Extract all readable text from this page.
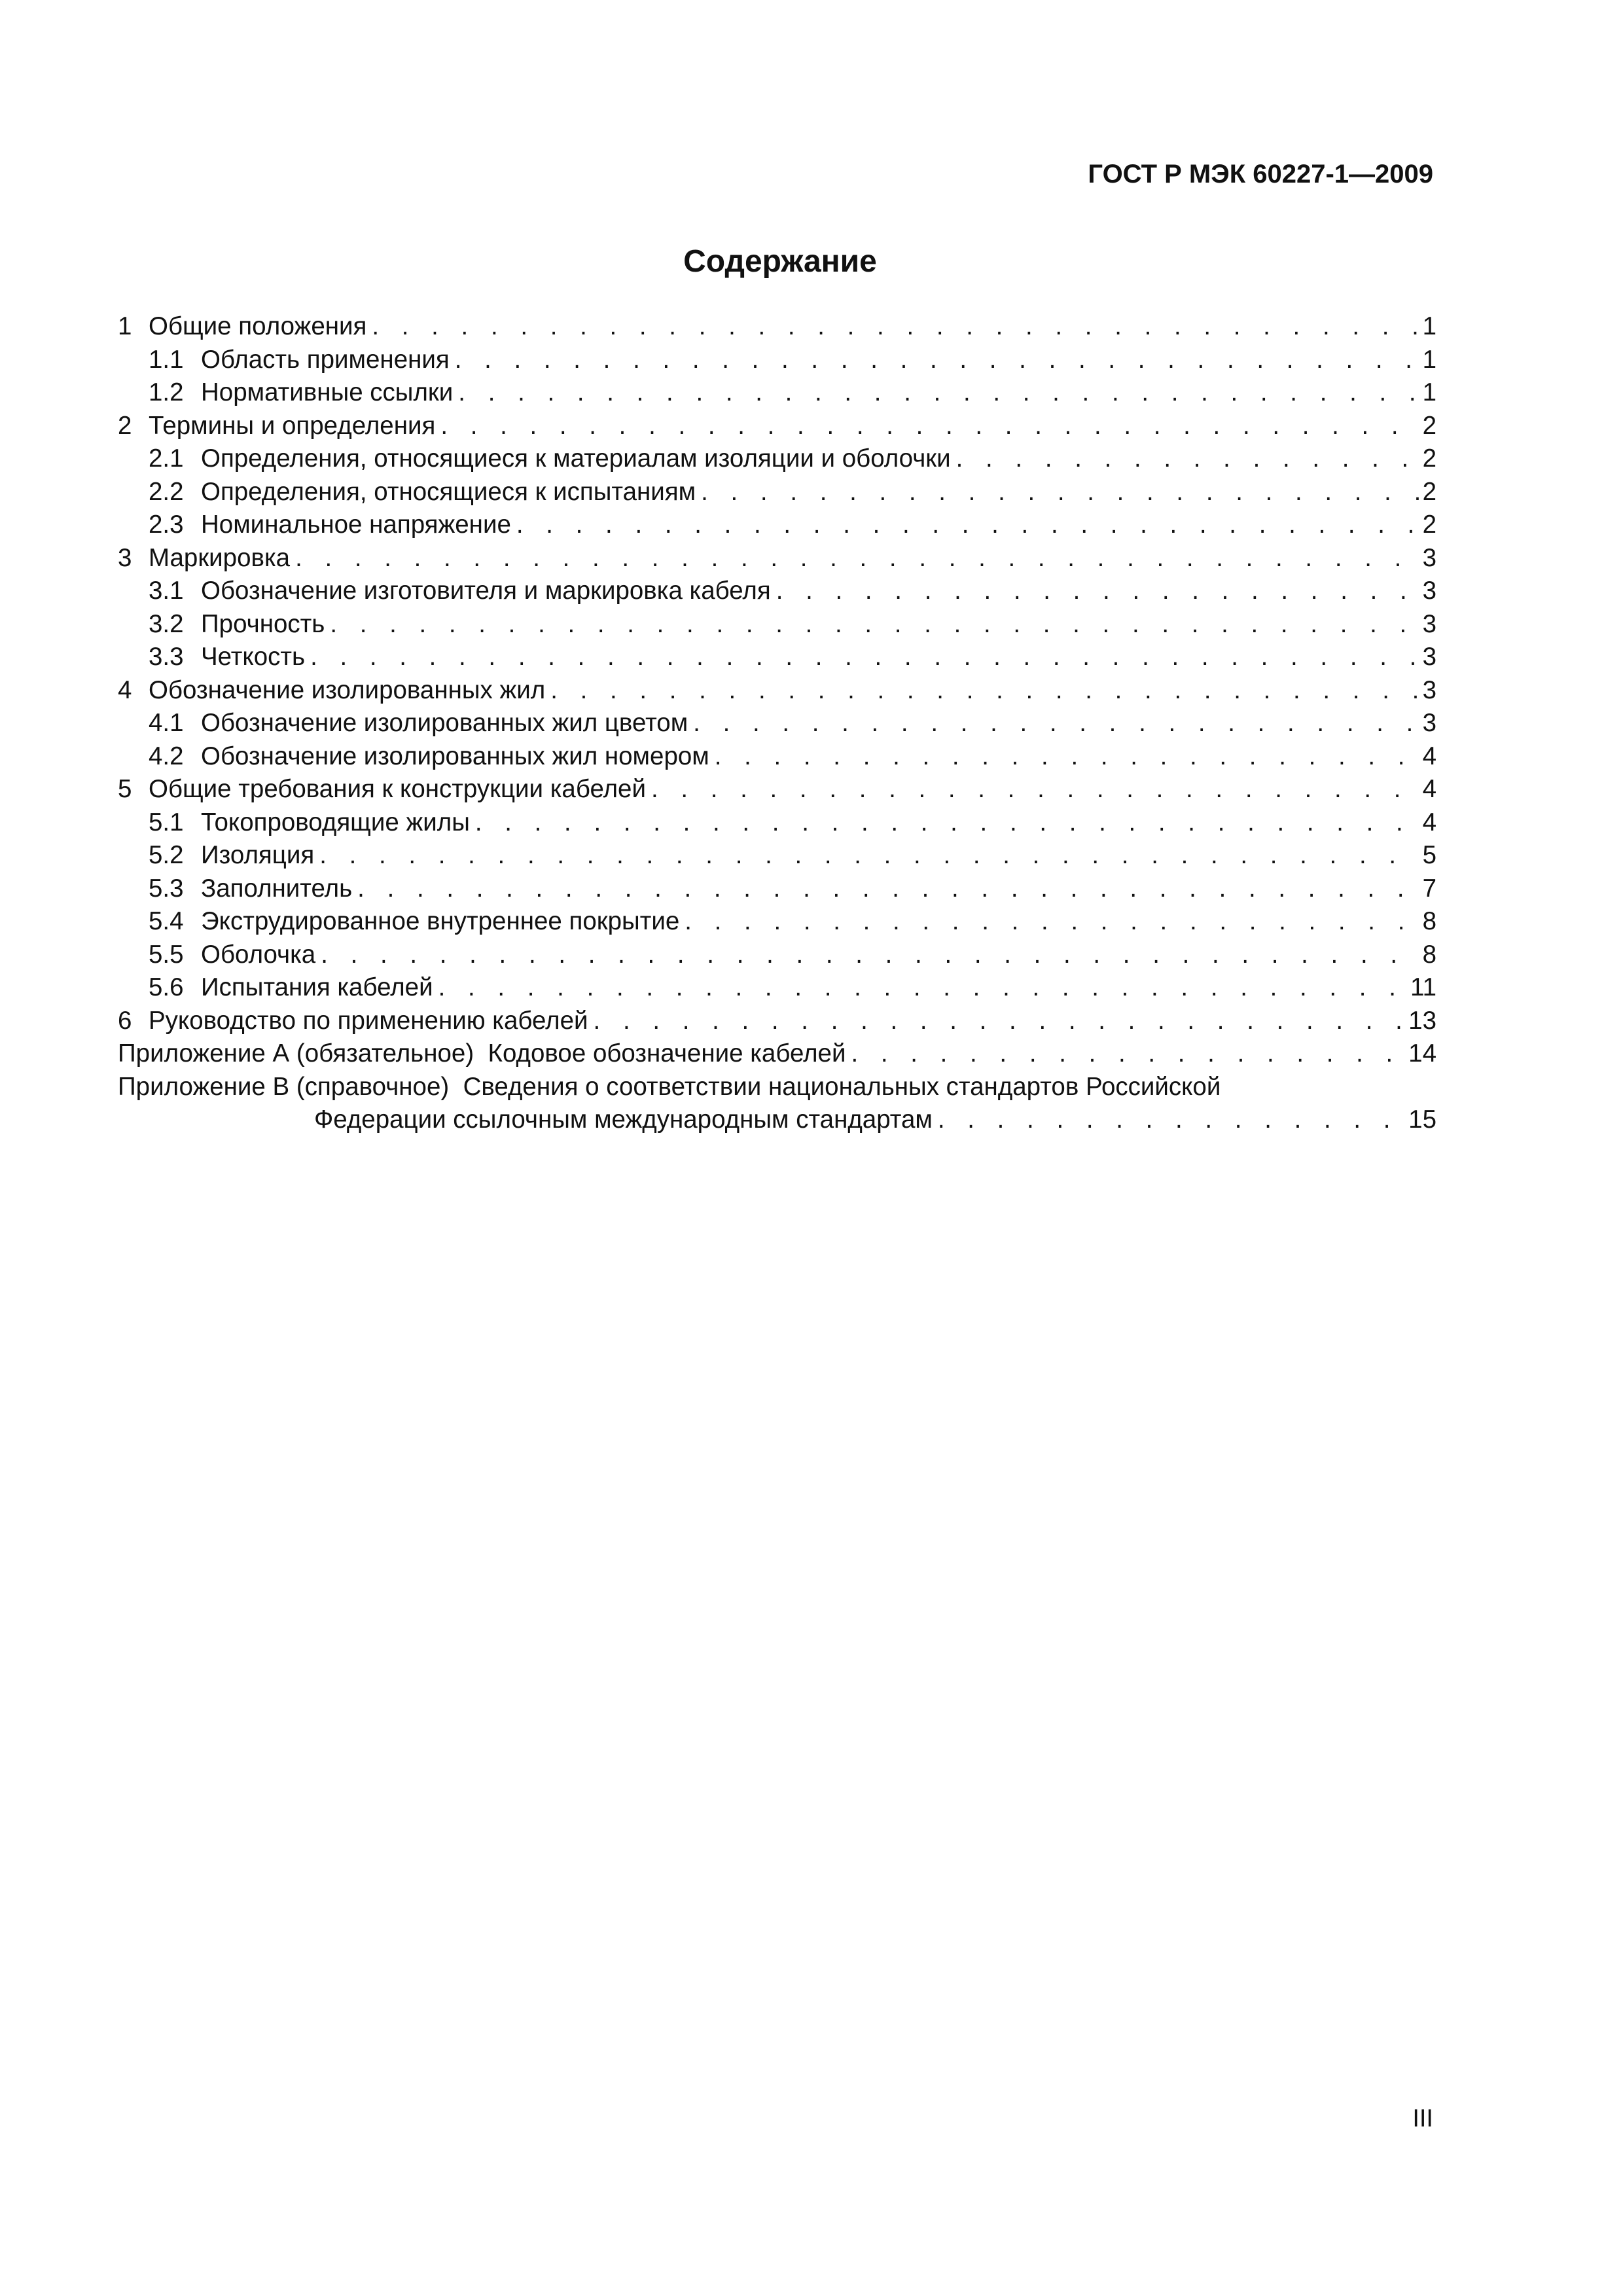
ГОСТ Р МЭК 60227-1—2009
Содержание
1 Общие положения . . .	1
1.1 Область применения . . .	1
1.2 Нормативные ссылки . . .	1
2 Термины и определения . . .	2
2.1 Определения, относящиеся к материалам изоляции и оболочки . . .	2
2.2 Определения, относящиеся к испытаниям . . .	2
2.3 Номинальное напряжение . . .	2
3 Маркировка . . .	3
3.1 Обозначение изготовителя и маркировка кабеля . . .	3
3.2 Прочность . . .	3
3.3 Четкость . . .	3
4 Обозначение изолированных жил . . .	3
4.1 Обозначение изолированных жил цветом . . .	3
4.2 Обозначение изолированных жил номером . . .	4
5 Общие требования к конструкции кабелей . . .	4
5.1 Токопроводящие жилы . . .	4
5.2 Изоляция . . .	5
5.3 Заполнитель . . .	7
5.4 Экструдированное внутреннее покрытие . . .	8
5.5 Оболочка . . .	8
5.6 Испытания кабелей . . .	11
6 Руководство по применению кабелей . . .	13
Приложение А (обязательное)  Кодовое обозначение кабелей . . .	14
Приложение В (справочное)  Сведения о соответствии национальных стандартов Российской
Федерации ссылочным международным стандартам . . .	15
III
